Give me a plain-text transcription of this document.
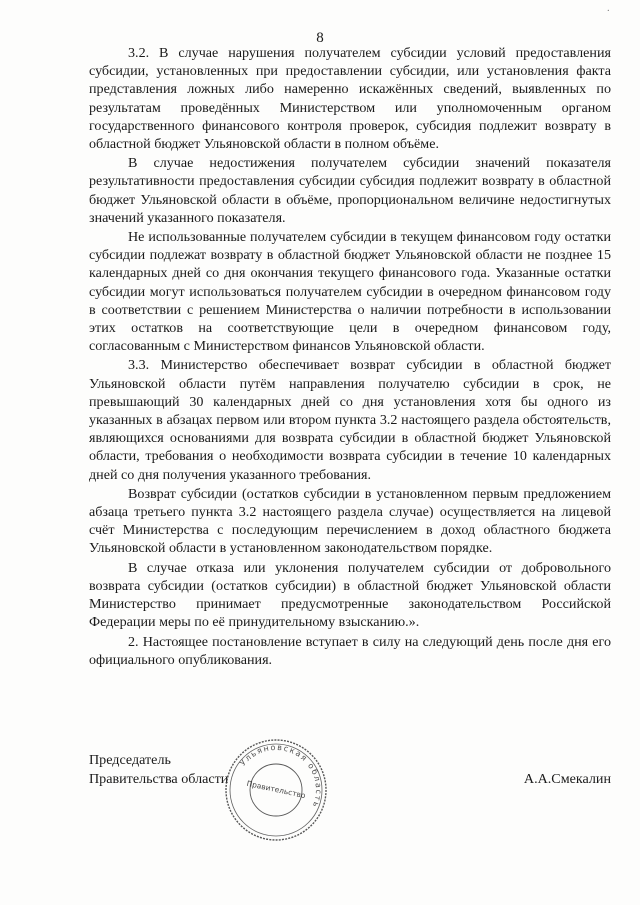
8

3.2. В случае нарушения получателем субсидии условий предоставления субсидии, установленных при предоставлении субсидии, или установления факта представления ложных либо намеренно искажённых сведений, выявленных по результатам проведённых Министерством или уполномоченным органом государственного финансового контроля проверок, субсидия подлежит возврату в областной бюджет Ульяновской области в полном объёме.

В случае недостижения получателем субсидии значений показателя результативности предоставления субсидии субсидия подлежит возврату в областной бюджет Ульяновской области в объёме, пропорциональном величине недостигнутых значений указанного показателя.

Не использованные получателем субсидии в текущем финансовом году остатки субсидии подлежат возврату в областной бюджет Ульяновской области не позднее 15 календарных дней со дня окончания текущего финансового года. Указанные остатки субсидии могут использоваться получателем субсидии в очередном финансовом году в соответствии с решением Министерства о наличии потребности в использовании этих остатков на соответствующие цели в очередном финансовом году, согласованным с Министерством финансов Ульяновской области.

3.3. Министерство обеспечивает возврат субсидии в областной бюджет Ульяновской области путём направления получателю субсидии в срок, не превышающий 30 календарных дней со дня установления хотя бы одного из указанных в абзацах первом или втором пункта 3.2 настоящего раздела обстоятельств, являющихся основаниями для возврата субсидии в областной бюджет Ульяновской области, требования о необходимости возврата субсидии в течение 10 календарных дней со дня получения указанного требования.

Возврат субсидии (остатков субсидии в установленном первым предложением абзаца третьего пункта 3.2 настоящего раздела случае) осуществляется на лицевой счёт Министерства с последующим перечислением в доход областного бюджета Ульяновской области в установленном законодательством порядке.

В случае отказа или уклонения получателем субсидии от добровольного возврата субсидии (остатков субсидии) в областной бюджет Ульяновской области Министерство принимает предусмотренные законодательством Российской Федерации меры по её принудительному взысканию.».

2. Настоящее постановление вступает в силу на следующий день после дня его официального опубликования.

Председатель
Правительства области	А.А.Смекалин
Ульяновская область
Правительство
·
